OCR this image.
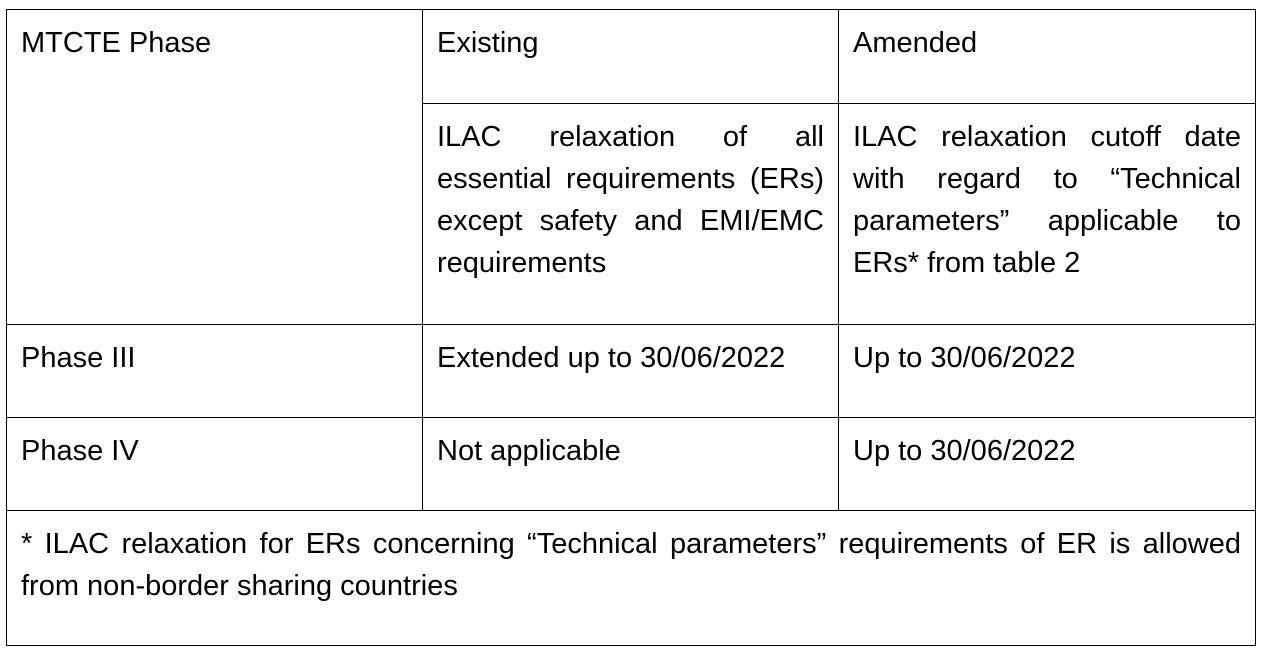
MTCTE Phase	Existing	Amended
	ILAC relaxation of all essential requirements (ERs) except safety and EMI/EMC requirements	ILAC relaxation cutoff date with regard to “Technical parameters” applicable to ERs* from table 2
Phase III	Extended up to 30/06/2022	Up to 30/06/2022
Phase IV	Not applicable	Up to 30/06/2022
* ILAC relaxation for ERs concerning “Technical parameters” requirements of ER is allowed from non-border sharing countries		
